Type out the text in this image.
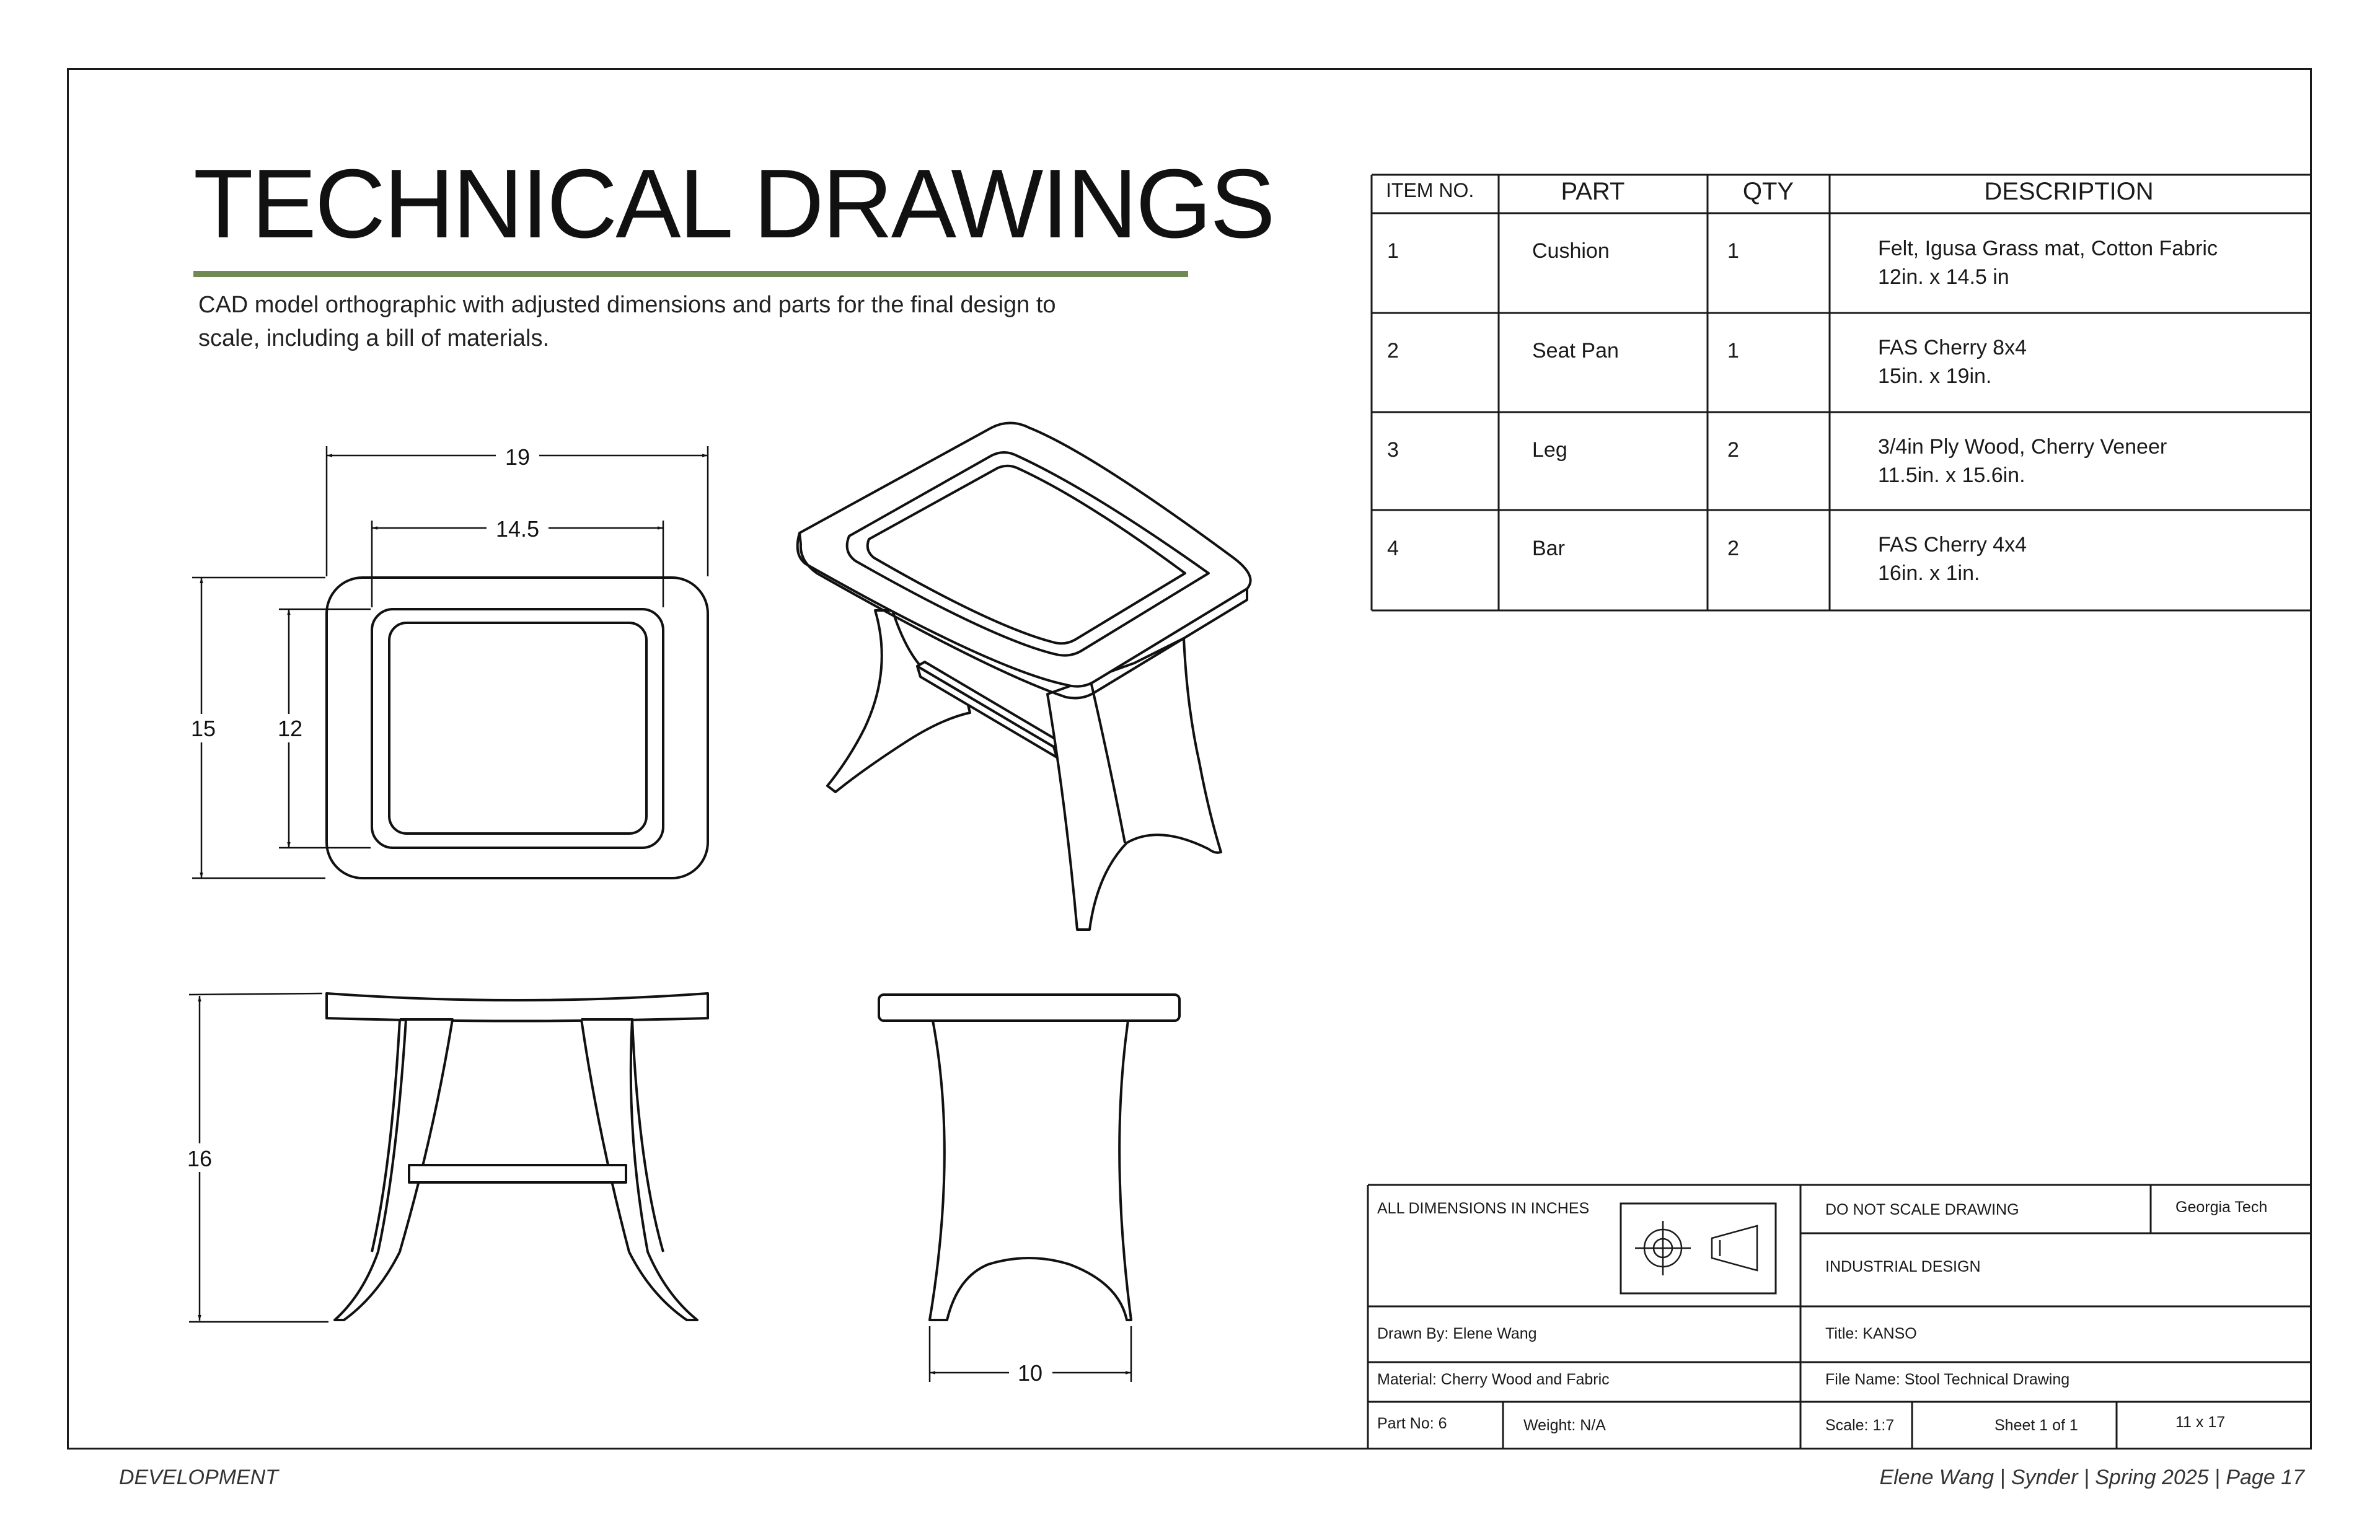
TECHNICAL DRAWINGS
CAD model orthographic with adjusted dimensions and parts for the final design to scale, including a bill of materials.
19
14.5
15	12
16
10
ITEM NO.	PART	QTY	DESCRIPTION
1	Cushion	1	Felt, Igusa Grass mat, Cotton Fabric
12in. x 14.5 in
2	Seat Pan	1	FAS Cherry 8x4
15in. x 19in.
3	Leg	2	3/4in Ply Wood, Cherry Veneer
11.5in. x 15.6in.
4	Bar	2	FAS Cherry 4x4
16in. x 1in.
ALL DIMENSIONS IN INCHES	DO NOT SCALE DRAWING	Georgia Tech
INDUSTRIAL DESIGN
Drawn By: Elene Wang	Title: KANSO
Material: Cherry Wood and Fabric	File Name: Stool Technical Drawing
Part No: 6	Weight: N/A	Scale: 1:7	Sheet 1 of 1	11 x 17
DEVELOPMENT	Elene Wang | Synder | Spring 2025 | Page 17
